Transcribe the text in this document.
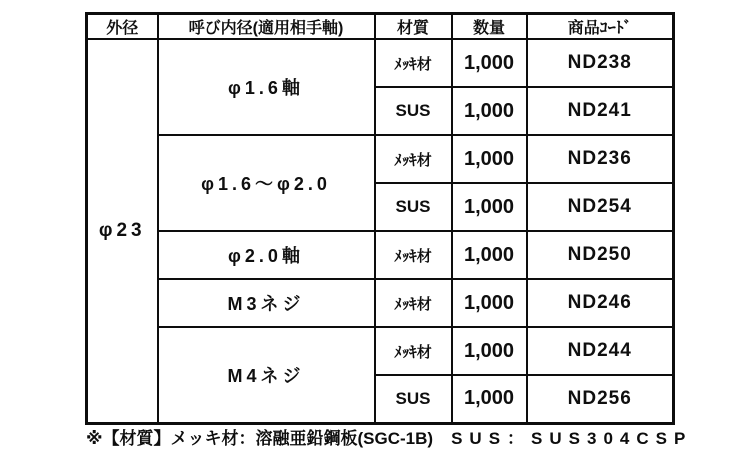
外径	呼び内径(適用相手軸)	材質	数量	商品ｺｰﾄﾞ
φ23	φ1.6軸	ﾒｯｷ材	1,000	ND238
		SUS	1,000	ND241
	φ1.6～φ2.0	ﾒｯｷ材	1,000	ND236
		SUS	1,000	ND254
	φ2.0軸	ﾒｯｷ材	1,000	ND250
	M3ネジ	ﾒｯｷ材	1,000	ND246
	M4ネジ	ﾒｯｷ材	1,000	ND244
		SUS	1,000	ND256
※【材質】メッキ材：溶融亜鉛鋼板(SGC-1B) SUS：SUS304CSP
